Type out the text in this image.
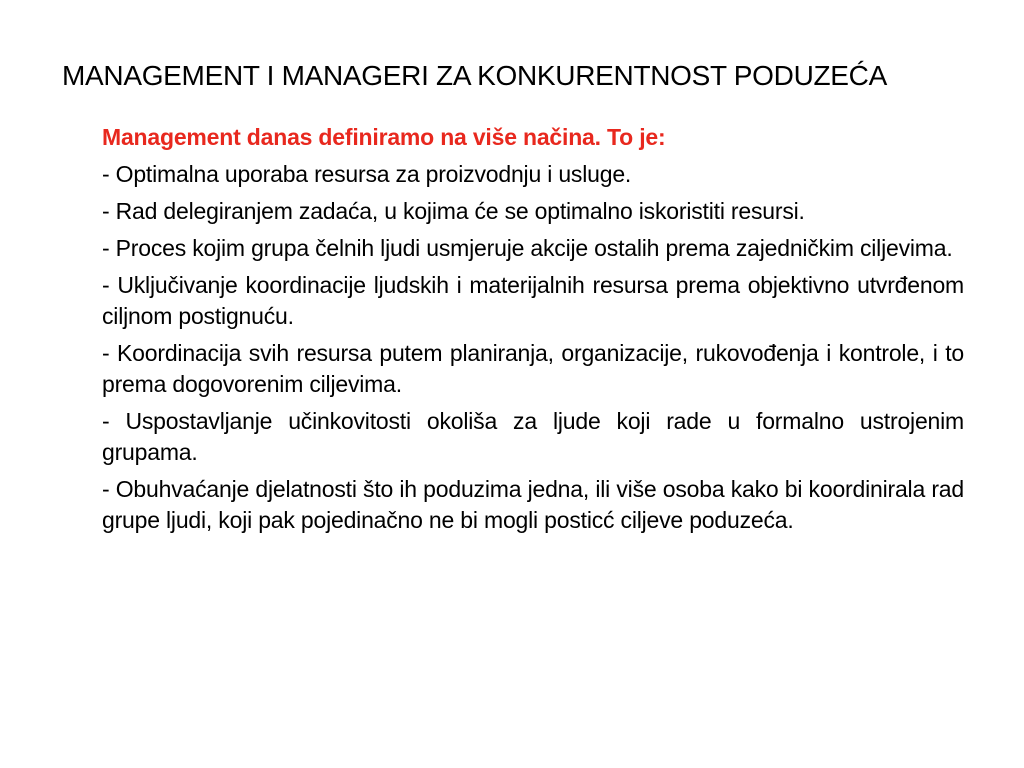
MANAGEMENT I MANAGERI ZA KONKURENTNOST PODUZEĆA

Management danas definiramo na više načina. To je:

- Optimalna uporaba resursa za proizvodnju i usluge.

- Rad delegiranjem zadaća, u kojima će se optimalno iskoristiti resursi.

- Proces kojim grupa čelnih ljudi usmjeruje akcije ostalih prema zajedničkim ciljevima.

- Uključivanje koordinacije ljudskih i materijalnih resursa prema objektivno utvrđenom ciljnom postignuću.

- Koordinacija svih resursa putem planiranja, organizacije, rukovođenja i kontrole, i to prema dogovorenim ciljevima.

- Uspostavljanje učinkovitosti okoliša za ljude koji rade u formalno ustrojenim grupama.

- Obuhvaćanje djelatnosti što ih poduzima jedna, ili više osoba kako bi koordinirala rad grupe ljudi, koji pak pojedinačno ne bi mogli posticć ciljeve poduzeća.
